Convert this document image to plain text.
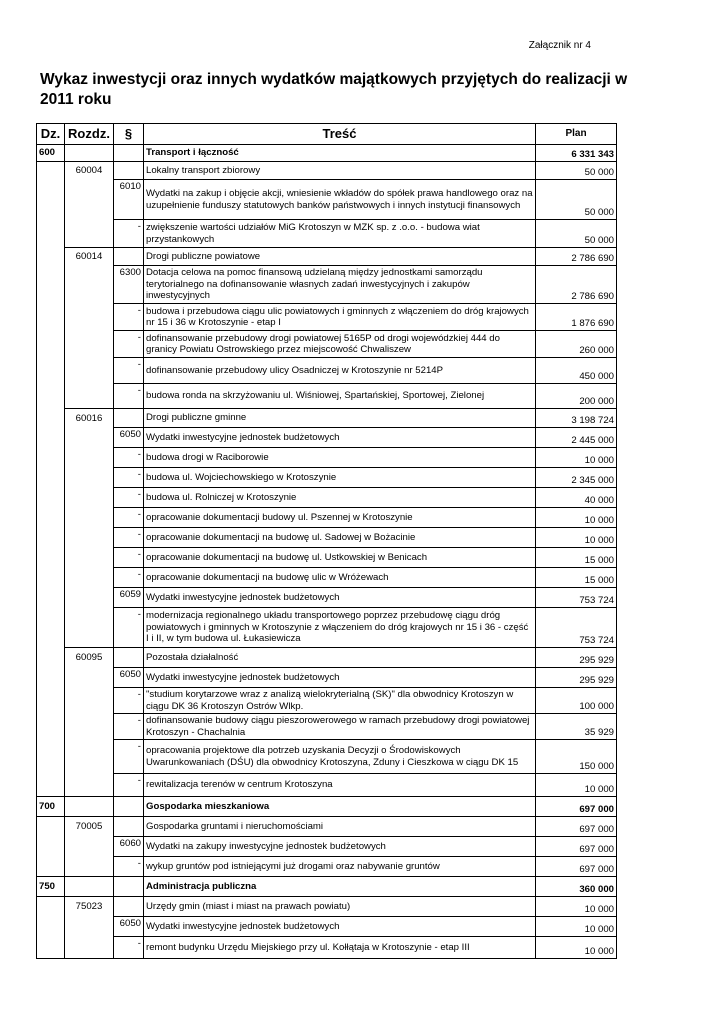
Załącznik nr 4
Wykaz inwestycji oraz innych wydatków majątkowych przyjętych do realizacji w 2011 roku
Dz.	Rozdz.	§	Treść	Plan
600			Transport i łączność	6 331 343
	60004		Lokalny transport zbiorowy	50 000
		6010	Wydatki na zakup i objęcie akcji, wniesienie wkładów do spółek prawa handlowego oraz na uzupełnienie funduszy statutowych banków państwowych i innych instytucji finansowych	50 000
		-	zwiększenie wartości udziałów MiG Krotoszyn w MZK sp. z .o.o. - budowa wiat przystankowych	50 000
	60014		Drogi publiczne powiatowe	2 786 690
		6300	Dotacja celowa na pomoc finansową udzielaną między jednostkami samorządu terytorialnego na dofinansowanie własnych zadań inwestycyjnych i zakupów inwestycyjnych	2 786 690
		-	budowa i przebudowa ciągu ulic powiatowych i gminnych z włączeniem do dróg krajowych nr 15 i 36 w Krotoszynie - etap I	1 876 690
		-	dofinansowanie przebudowy drogi powiatowej 5165P od drogi wojewódzkiej 444 do granicy Powiatu Ostrowskiego przez miejscowość Chwaliszew	260 000
		-	dofinansowanie przebudowy ulicy Osadniczej w Krotoszynie nr 5214P	450 000
		-	budowa ronda na skrzyżowaniu ul. Wiśniowej, Spartańskiej, Sportowej, Zielonej	200 000
	60016		Drogi publiczne gminne	3 198 724
		6050	Wydatki inwestycyjne jednostek budżetowych	2 445 000
		-	budowa drogi w Raciborowie	10 000
		-	budowa ul. Wojciechowskiego w Krotoszynie	2 345 000
		-	budowa ul. Rolniczej w Krotoszynie	40 000
		-	opracowanie dokumentacji budowy ul. Pszennej w Krotoszynie	10 000
		-	opracowanie dokumentacji na budowę ul. Sadowej w Bożacinie	10 000
		-	opracowanie dokumentacji na budowę ul. Ustkowskiej w Benicach	15 000
		-	opracowanie dokumentacji na budowę ulic w Wróżewach	15 000
		6059	Wydatki inwestycyjne jednostek budżetowych	753 724
		-	modernizacja regionalnego układu transportowego poprzez przebudowę ciągu dróg powiatowych i gminnych w Krotoszynie z włączeniem do dróg krajowych nr 15 i 36 - część I i II, w tym budowa ul. Łukasiewicza	753 724
	60095		Pozostała działalność	295 929
		6050	Wydatki inwestycyjne jednostek budżetowych	295 929
		-	"studium korytarzowe wraz z analizą wielokryterialną (SK)" dla obwodnicy Krotoszyn w ciągu DK 36 Krotoszyn Ostrów Wlkp.	100 000
		-	dofinansowanie budowy ciągu pieszorowerowego w ramach przebudowy drogi powiatowej Krotoszyn - Chachalnia	35 929
		-	opracowania projektowe dla potrzeb uzyskania Decyzji o Środowiskowych Uwarunkowaniach (DŚU) dla obwodnicy Krotoszyna, Zduny i Cieszkowa w ciągu DK 15	150 000
		-	rewitalizacja terenów w centrum Krotoszyna	10 000
700			Gospodarka mieszkaniowa	697 000
	70005		Gospodarka gruntami i nieruchomościami	697 000
		6060	Wydatki na zakupy inwestycyjne jednostek budżetowych	697 000
		-	wykup gruntów pod istniejącymi już drogami oraz nabywanie gruntów	697 000
750			Administracja publiczna	360 000
	75023		Urzędy gmin (miast i miast na prawach powiatu)	10 000
		6050	Wydatki inwestycyjne jednostek budżetowych	10 000
		-	remont budynku Urzędu Miejskiego przy ul. Kołłątaja w Krotoszynie - etap III	10 000
